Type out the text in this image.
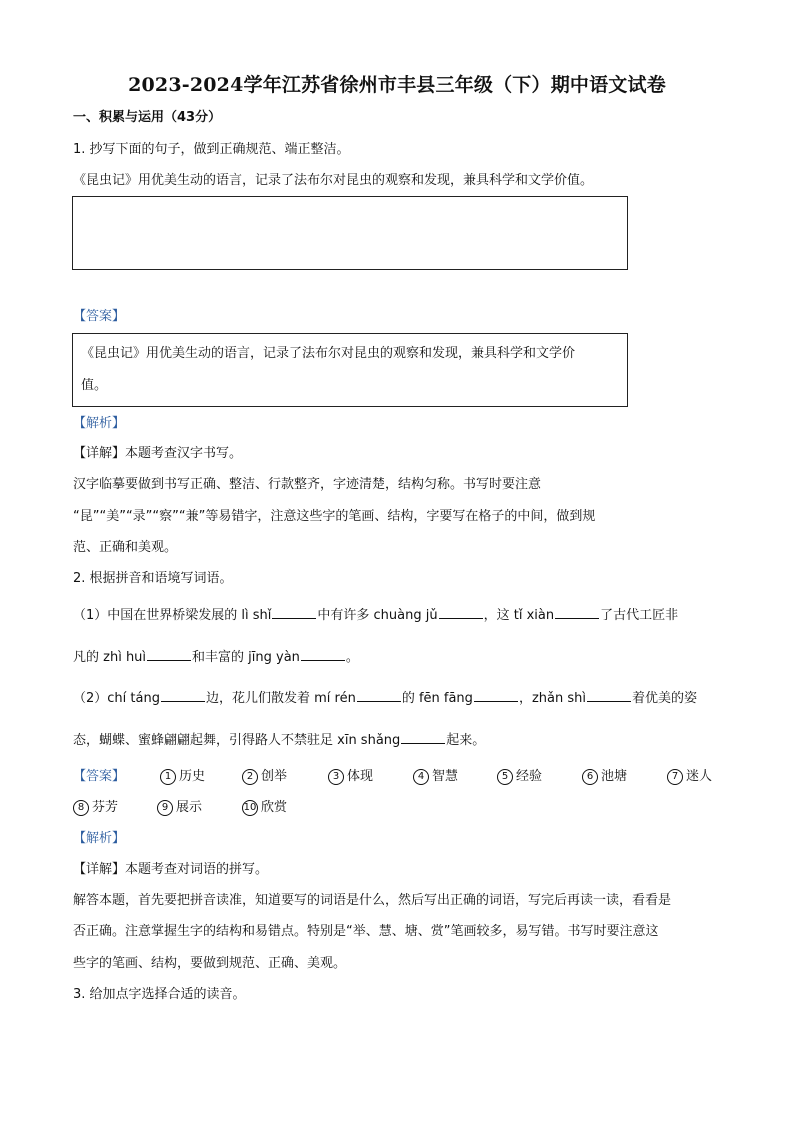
2023-2024学年江苏省徐州市丰县三年级（下）期中语文试卷
一、积累与运用（43分）
1. 抄写下面的句子，做到正确规范、端正整洁。
《昆虫记》用优美生动的语言，记录了法布尔对昆虫的观察和发现，兼具科学和文学价值。
【答案】
《昆虫记》用优美生动的语言，记录了法布尔对昆虫的观察和发现，兼具科学和文学价
值。
【解析】
【详解】本题考查汉字书写。
汉字临摹要做到书写正确、整洁、行款整齐，字迹清楚，结构匀称。书写时要注意
“昆”“美”“录”“察”“兼”等易错字，注意这些字的笔画、结构，字要写在格子的中间，做到规
范、正确和美观。
2. 根据拼音和语境写词语。
（1）中国在世界桥梁发展的 lì shǐ	中有许多 chuàng jǔ	，这 tǐ xiàn	了古代工匠非
凡的 zhì huì	和丰富的 jīng yàn	。
（2）chí táng	边，花儿们散发着 mí rén	的 fēn fāng	，zhǎn shì	着优美的姿
态，蝴蝶、蜜蜂翩翩起舞，引得路人不禁驻足 xīn shǎng	起来。
【答案】	1 历史	2 创举	3 体现	4 智慧	5 经验	6 池塘	7 迷人
8 芬芳	9 展示	10 欣赏
【解析】
【详解】本题考查对词语的拼写。
解答本题，首先要把拼音读准，知道要写的词语是什么，然后写出正确的词语，写完后再读一读，看看是
否正确。注意掌握生字的结构和易错点。特别是“举、慧、塘、赏”笔画较多，易写错。书写时要注意这
些字的笔画、结构，要做到规范、正确、美观。
3. 给加点字选择合适的读音。
